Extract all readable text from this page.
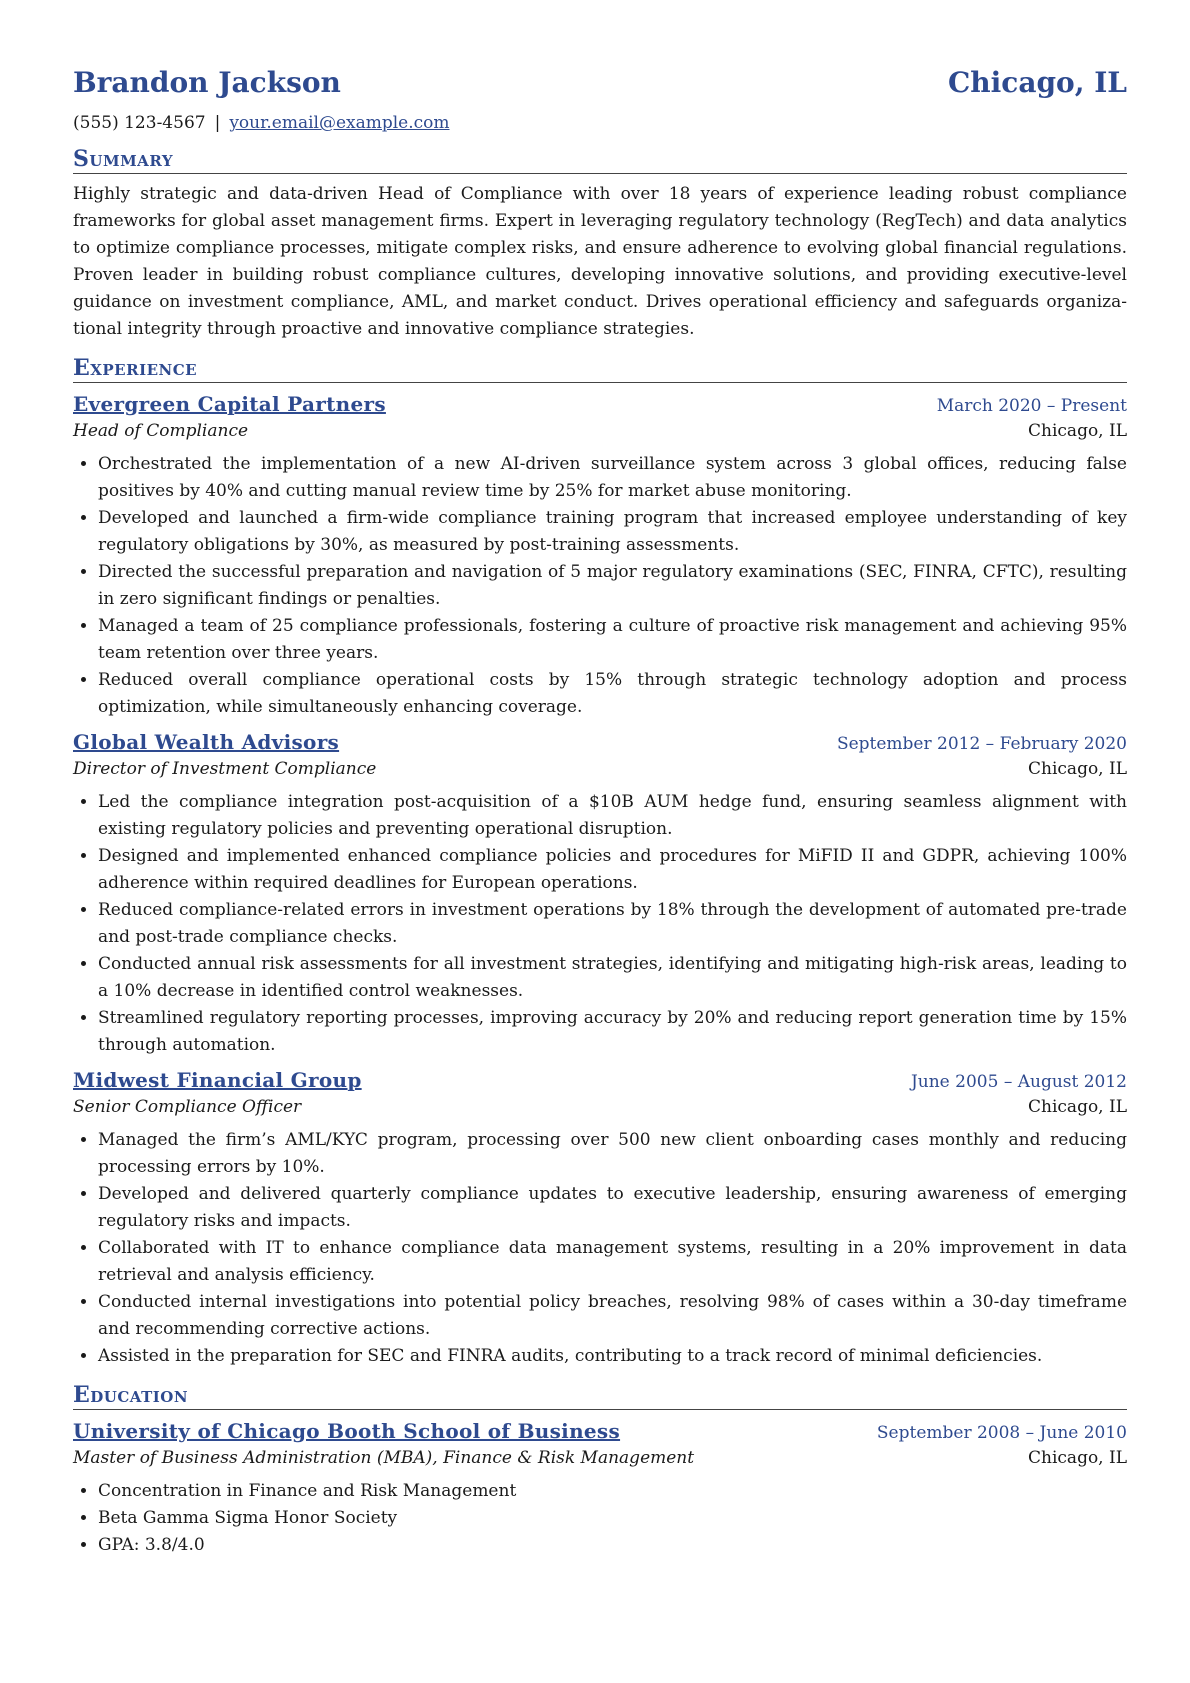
Brandon Jackson	Chicago, IL
(555) 123-4567 | your.email@example.com
Summary
Highly strategic and data-driven Head of Compliance with over 18 years of experience leading robust compliance frameworks for global asset management firms. Expert in leveraging regulatory technology (RegTech) and data analytics to optimize compliance processes, mitigate complex risks, and ensure adherence to evolving global financial regulations. Proven leader in building robust compliance cultures, developing innovative solutions, and providing executive-level guidance on investment compliance, AML, and market conduct. Drives operational efficiency and safeguards organizational integrity through proactive and innovative compliance strategies.
Experience
Evergreen Capital Partners	March 2020 – Present
Head of Compliance	Chicago, IL
• Orchestrated the implementation of a new AI-driven surveillance system across 3 global offices, reducing false positives by 40% and cutting manual review time by 25% for market abuse monitoring.
• Developed and launched a firm-wide compliance training program that increased employee understanding of key regulatory obligations by 30%, as measured by post-training assessments.
• Directed the successful preparation and navigation of 5 major regulatory examinations (SEC, FINRA, CFTC), resulting in zero significant findings or penalties.
• Managed a team of 25 compliance professionals, fostering a culture of proactive risk management and achieving 95% team retention over three years.
• Reduced overall compliance operational costs by 15% through strategic technology adoption and process optimization, while simultaneously enhancing coverage.
Global Wealth Advisors	September 2012 – February 2020
Director of Investment Compliance	Chicago, IL
• Led the compliance integration post-acquisition of a $10B AUM hedge fund, ensuring seamless alignment with existing regulatory policies and preventing operational disruption.
• Designed and implemented enhanced compliance policies and procedures for MiFID II and GDPR, achieving 100% adherence within required deadlines for European operations.
• Reduced compliance-related errors in investment operations by 18% through the development of automated pre-trade and post-trade compliance checks.
• Conducted annual risk assessments for all investment strategies, identifying and mitigating high-risk areas, leading to a 10% decrease in identified control weaknesses.
• Streamlined regulatory reporting processes, improving accuracy by 20% and reducing report generation time by 15% through automation.
Midwest Financial Group	June 2005 – August 2012
Senior Compliance Officer	Chicago, IL
• Managed the firm’s AML/KYC program, processing over 500 new client onboarding cases monthly and reducing processing errors by 10%.
• Developed and delivered quarterly compliance updates to executive leadership, ensuring awareness of emerging regulatory risks and impacts.
• Collaborated with IT to enhance compliance data management systems, resulting in a 20% improvement in data retrieval and analysis efficiency.
• Conducted internal investigations into potential policy breaches, resolving 98% of cases within a 30-day timeframe and recommending corrective actions.
• Assisted in the preparation for SEC and FINRA audits, contributing to a track record of minimal deficiencies.
Education
University of Chicago Booth School of Business	September 2008 – June 2010
Master of Business Administration (MBA), Finance & Risk Management	Chicago, IL
• Concentration in Finance and Risk Management
• Beta Gamma Sigma Honor Society
• GPA: 3.8/4.0
